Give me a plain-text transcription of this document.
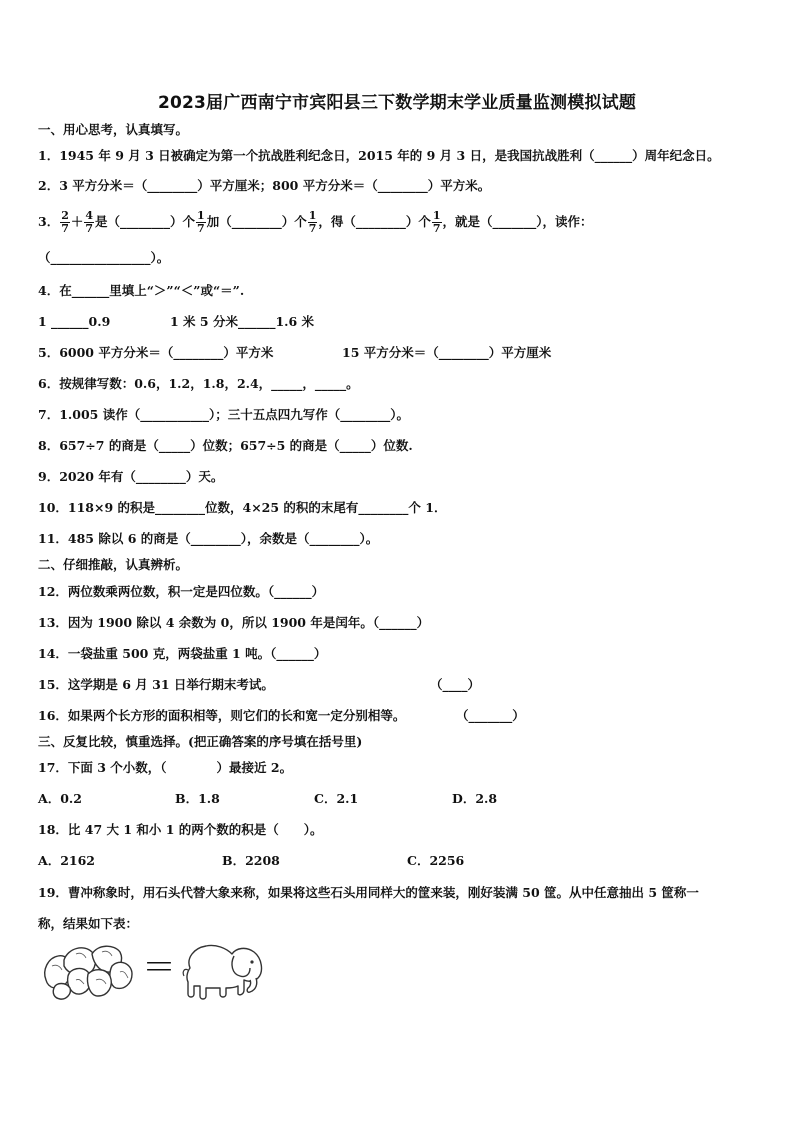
2023届广西南宁市宾阳县三下数学期末学业质量监测模拟试题
一、用心思考，认真填写。
1．1945 年 9 月 3 日被确定为第一个抗战胜利纪念日，2015 年的 9 月 3 日，是我国抗战胜利（______）周年纪念日。
2．3 平方分米＝（________）平方厘米；800 平方分米＝（________）平方米。
3． $\frac{2}{7} + \frac{4}{7}$ 是（________）个 $\frac{1}{7}$ 加（________）个 $\frac{1}{7}$ ，得（________）个 $\frac{1}{7}$ ，就是（_______），读作：
（________________）。
4．在______里填上“＞”“＜”或“＝”.
1 ______0.9	1 米 5 分米______1.6 米
5．6000 平方分米＝（________）平方米	15 平方分米＝（________）平方厘米
6．按规律写数：0.6，1.2，1.8，2.4，_____，_____。
7．1.005 读作（___________）；三十五点四九写作（________）。
8．657÷7 的商是（_____）位数；657÷5 的商是（_____）位数.
9．2020 年有（________）天。
10．118×9 的积是________位数，4×25 的积的末尾有________个 1．
11．485 除以 6 的商是（________），余数是（________）。
二、仔细推敲，认真辨析。
12．两位数乘两位数，积一定是四位数。（______）
13．因为 1900 除以 4 余数为 0，所以 1900 年是闰年。（______）
14．一袋盐重 500 克，两袋盐重 1 吨。（______）
15．这学期是 6 月 31 日举行期末考试。	（____）
16．如果两个长方形的面积相等，则它们的长和宽一定分别相等。	（_______）
三、反复比较，慎重选择。(把正确答案的序号填在括号里)
17．下面 3 个小数，（　　　　）最接近 2。
A．0.2	B．1.8	C．2.1	D．2.8
18．比 47 大 1 和小 1 的两个数的积是（　　）。
A．2162	B．2208	C．2256
19．曹冲称象时，用石头代替大象来称，如果将这些石头用同样大的筐来装，刚好装满 50 筐。从中任意抽出 5 筐称一
称，结果如下表：
＝
